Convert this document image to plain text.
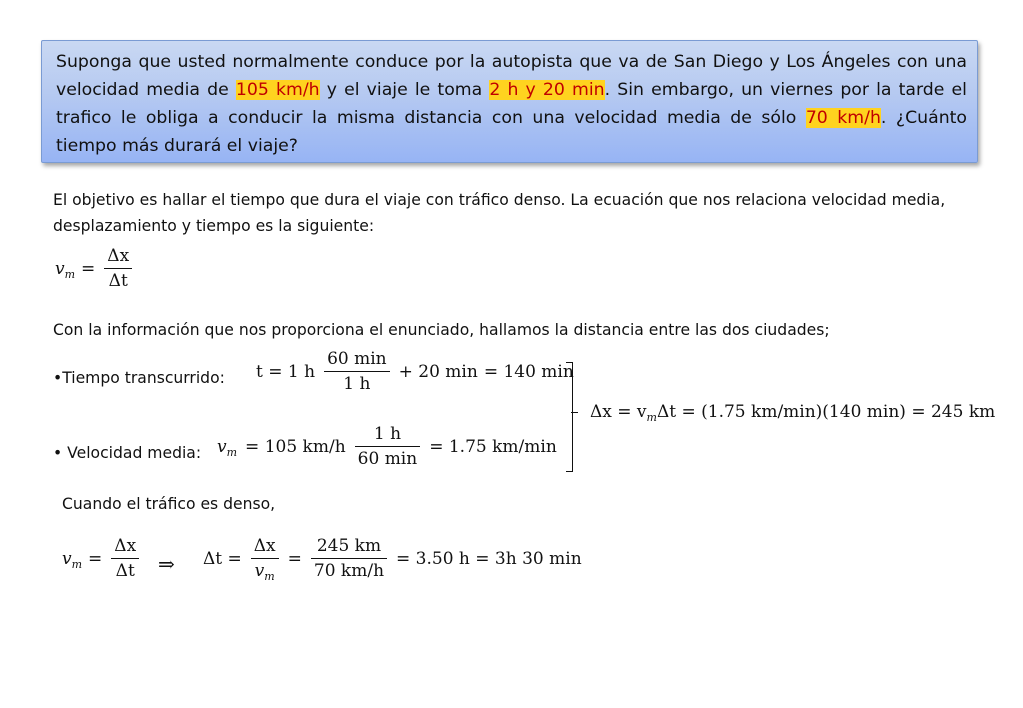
Suponga que usted normalmente conduce por la autopista que va de San Diego y Los Ángeles con una velocidad media de 105 km/h y el viaje le toma 2 h y 20 min. Sin embargo, un viernes por la tarde el trafico le obliga a conducir la misma distancia con una velocidad media de sólo 70 km/h. ¿Cuánto tiempo más durará el viaje?

El objetivo es hallar el tiempo que dura el viaje con tráfico denso. La ecuación que nos relaciona velocidad media, desplazamiento y tiempo es la siguiente:

$v_m = \frac{\Delta x}{\Delta t}$

Con la información que nos proporciona el enunciado, hallamos la distancia entre las dos ciudades;

•Tiempo transcurrido: t = 1 h $\frac{60 \min}{1 h} + 20$ min = 140 min

• Velocidad media: $v_m = 105$ $km/h \frac{1 h}{60 \min} = 1.75$ km/min
$\Delta x = v_m\Delta t = (1.75$ km/min)(140 min) = 245 km

Cuando el tráfico es denso,

$v_m = \frac{\Delta x}{\Delta t}$ ⇒ $\Delta t = \frac{\Delta x}{v_m} = \frac{245 km}{70 km/h} = 3.50$ h = 3h 30 min
